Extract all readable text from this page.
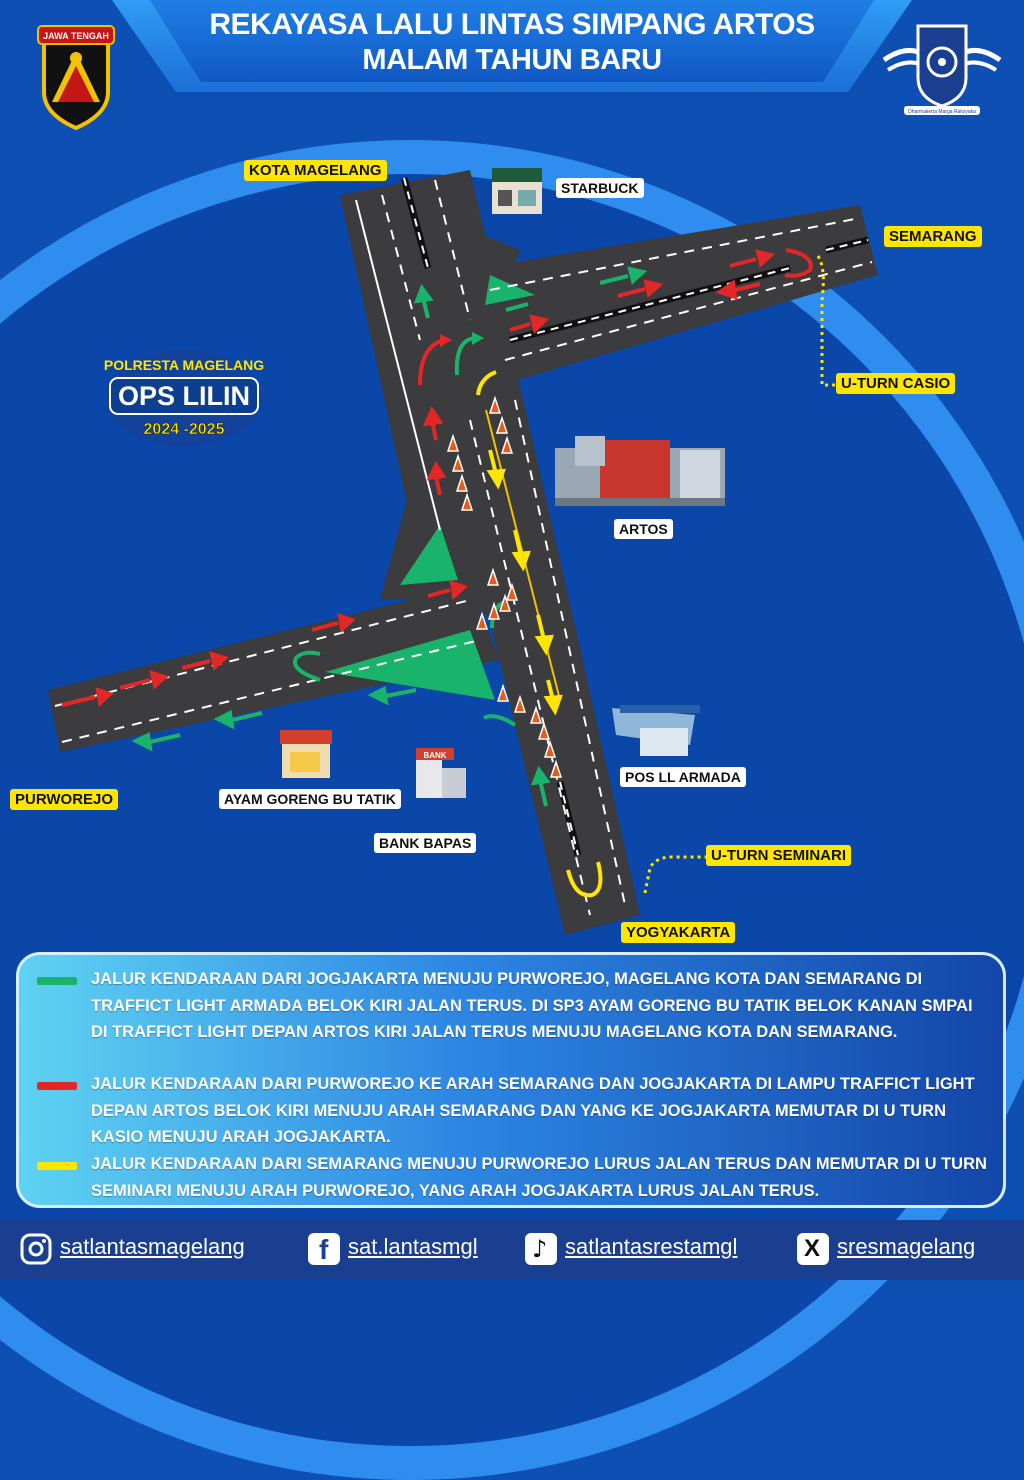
REKAYASA LALU LINTAS SIMPANG ARTOS
MALAM TAHUN BARU
JAWA TENGAH
Dharmakerta Marga Raksyaka
BANK
POLRESTA MAGELANG
OPS LILIN
2024 -2025
KOTA MAGELANG
STARBUCK
SEMARANG
U-TURN CASIO
ARTOS
POS LL ARMADA
PURWOREJO	AYAM GORENG BU TATIK
BANK BAPAS
U-TURN SEMINARI
YOGYAKARTA
JALUR KENDARAAN DARI JOGJAKARTA MENUJU PURWOREJO, MAGELANG KOTA DAN SEMARANG DI TRAFFICT LIGHT ARMADA BELOK KIRI JALAN TERUS. DI SP3 AYAM GORENG BU TATIK BELOK KANAN SMPAI DI TRAFFICT LIGHT DEPAN ARTOS KIRI JALAN TERUS MENUJU MAGELANG KOTA DAN SEMARANG.
JALUR KENDARAAN DARI PURWOREJO KE ARAH SEMARANG DAN JOGJAKARTA DI LAMPU TRAFFICT LIGHT DEPAN ARTOS BELOK KIRI MENUJU ARAH SEMARANG DAN YANG KE JOGJAKARTA MEMUTAR DI U TURN KASIO MENUJU ARAH JOGJAKARTA.
JALUR KENDARAAN DARI SEMARANG MENUJU PURWOREJO LURUS JALAN TERUS DAN MEMUTAR DI U TURN SEMINARI MENUJU ARAH PURWOREJO, YANG ARAH JOGJAKARTA LURUS JALAN TERUS.
satlantasmagelang	f sat.lantasmgl ♪ satlantasrestamgl	X sresmagelang
